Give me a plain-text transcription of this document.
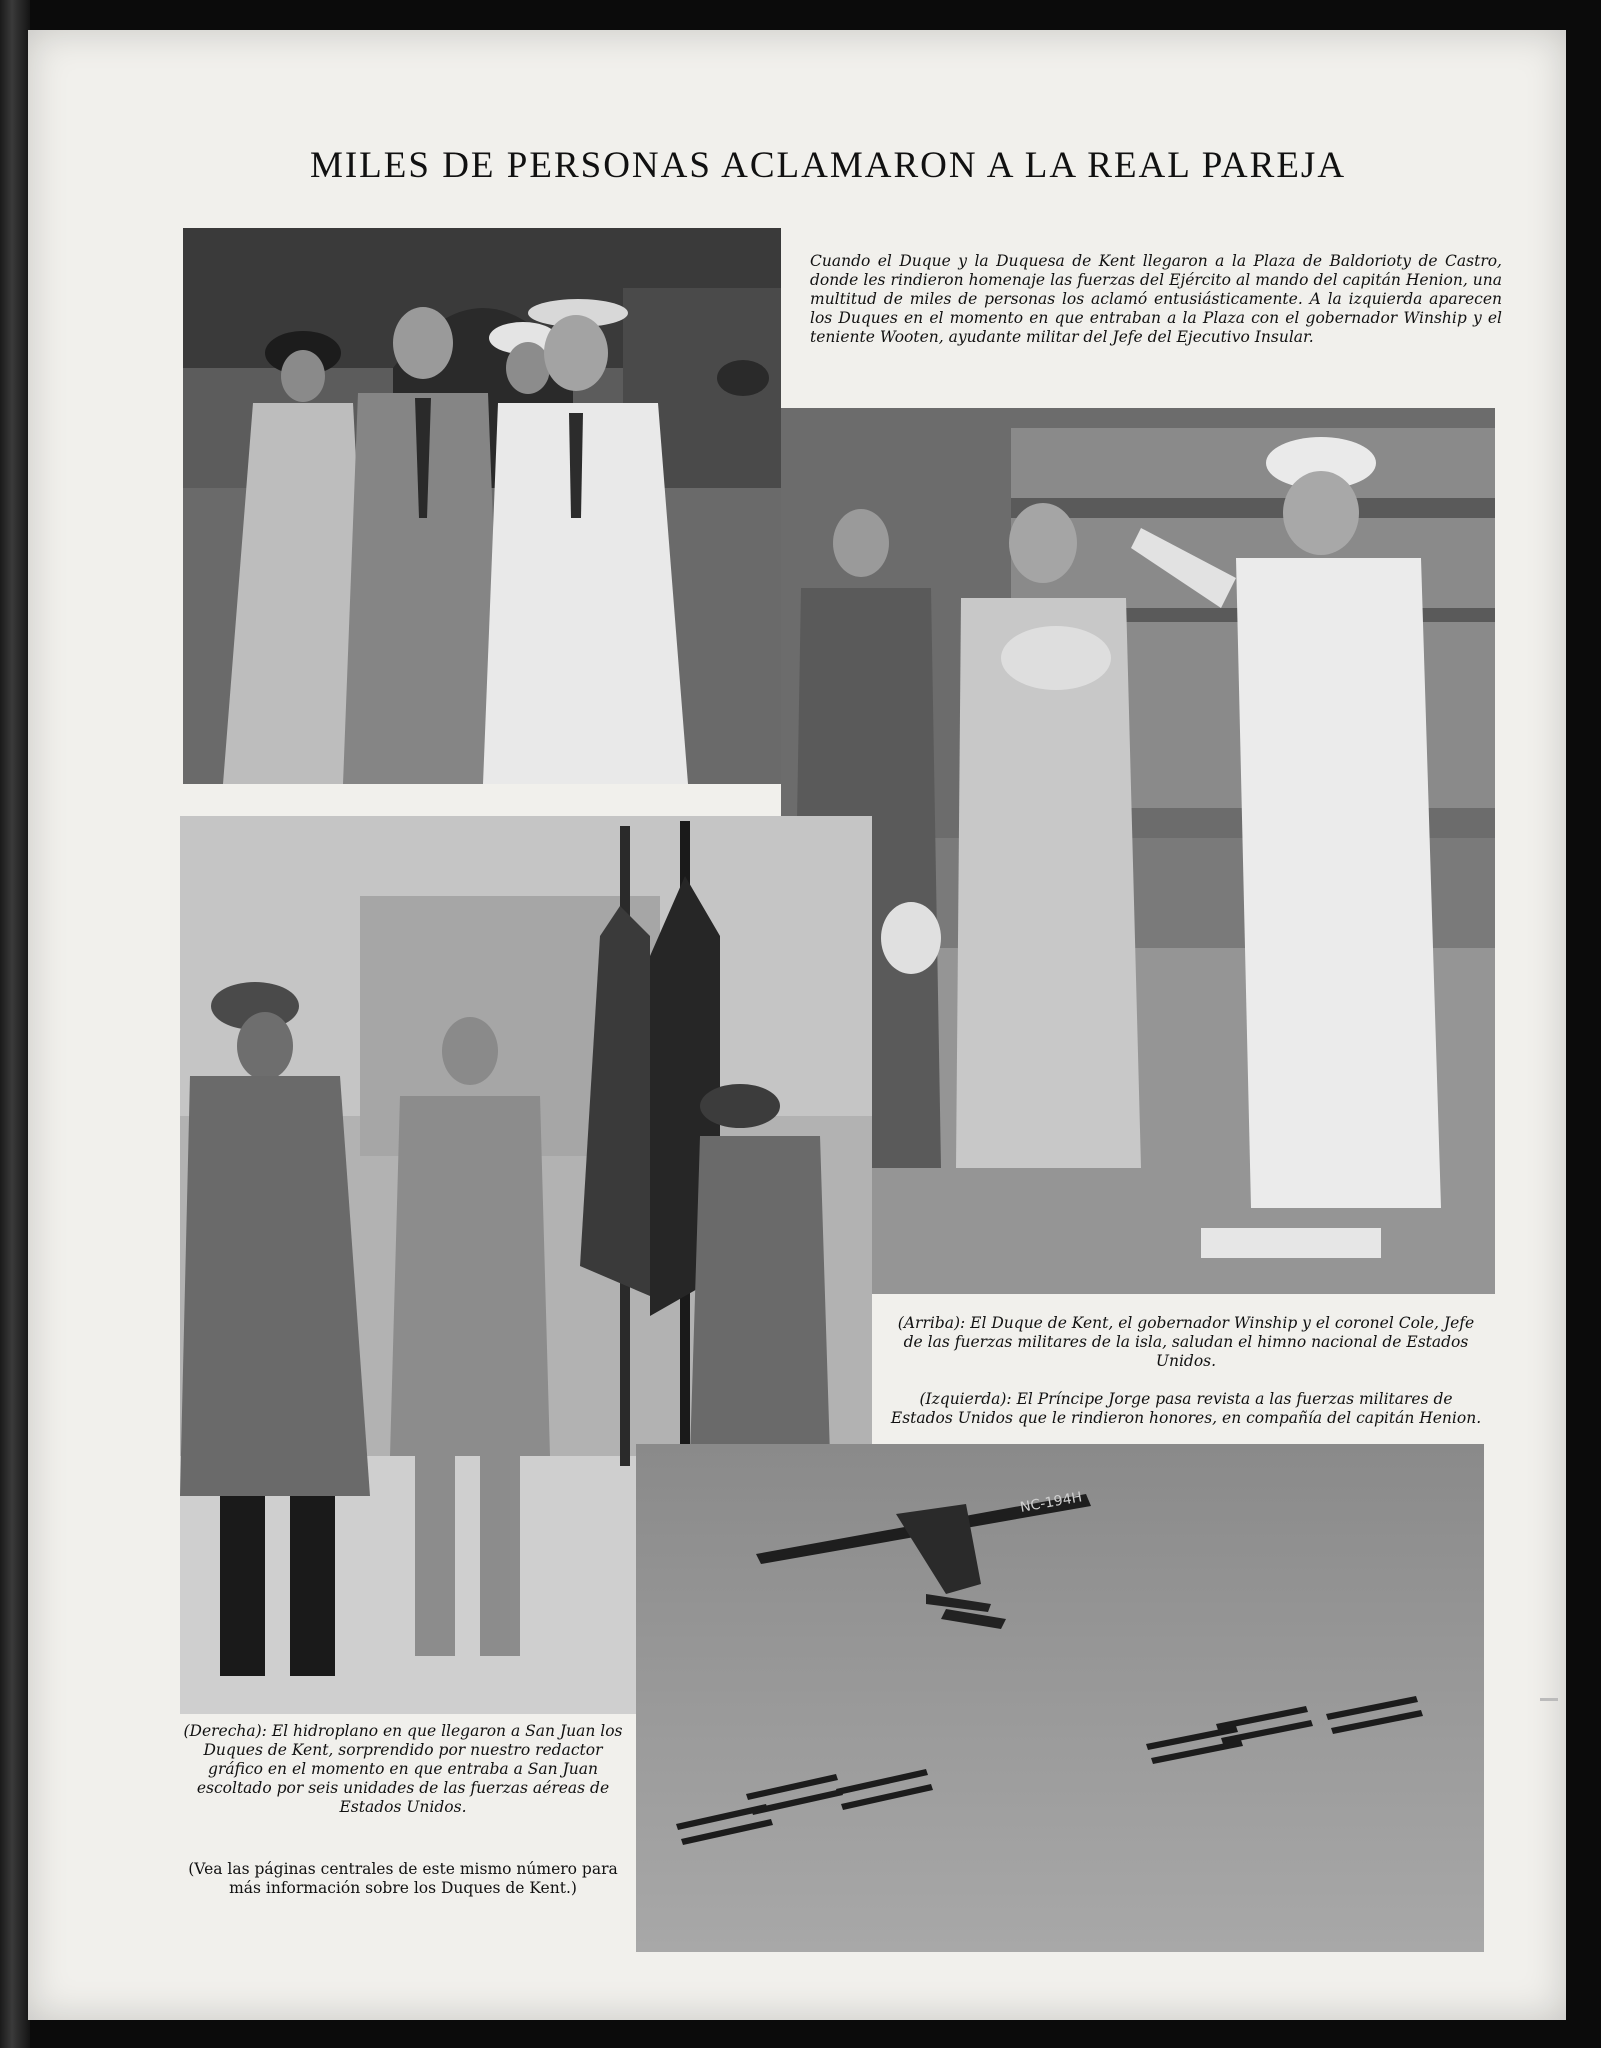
MILES DE PERSONAS ACLAMARON A LA REAL PAREJA

Cuando el Duque y la Duquesa de Kent llegaron a la Plaza de Baldorioty de Castro, donde les rindieron homenaje las fuerzas del Ejército al mando del capitán Henion, una multitud de miles de personas los aclamó entusiásticamente. A la izquierda aparecen los Duques en el momento en que entraban a la Plaza con el gobernador Winship y el teniente Wooten, ayudante militar del Jefe del Ejecutivo Insular.

(Arriba): El Duque de Kent, el gobernador Winship y el coronel Cole, Jefe de las fuerzas militares de la isla, saludan el himno nacional de Estados Unidos.

(Izquierda): El Príncipe Jorge pasa revista a las fuerzas militares de Estados Unidos que le rindieron honores, en compañía del capitán Henion.

NC-194H

(Derecha): El hidroplano en que llegaron a San Juan los Duques de Kent, sorprendido por nuestro redactor gráfico en el momento en que entraba a San Juan escoltado por seis unidades de las fuerzas aéreas de Estados Unidos.

(Vea las páginas centrales de este mismo número para más información sobre los Duques de Kent.)
